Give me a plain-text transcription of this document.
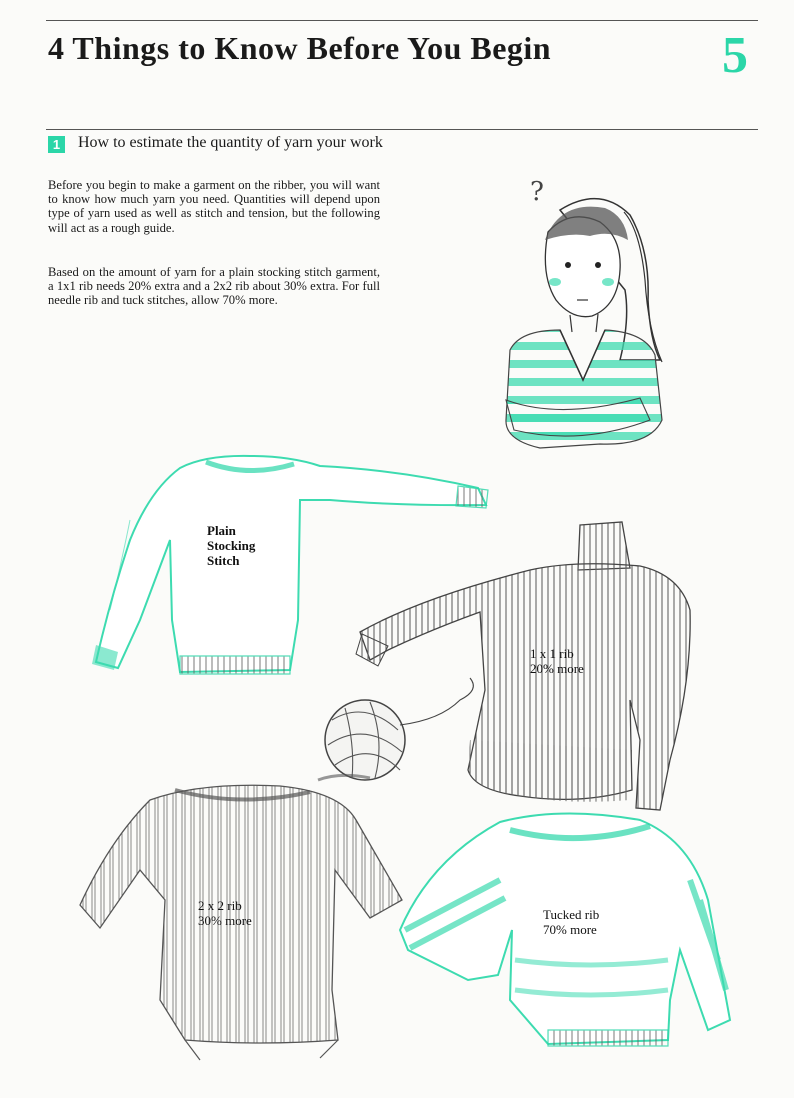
4 Things to Know Before You Begin	5
1	How to estimate the quantity of yarn your work

Before you begin to make a garment on the ribber, you will want to know how much yarn you need. Quantities will depend upon type of yarn used as well as stitch and tension, but the following will act as a rough guide.

Based on the amount of yarn for a plain stocking stitch garment, a 1x1 rib needs 20% extra and a 2x2 rib about 30% extra. For full needle rib and tuck stitches, allow 70% more.

?
Plain
Stocking
Stitch
1 x 1 rib
20% more
2 x 2 rib
30% more	Tucked rib
70% more
